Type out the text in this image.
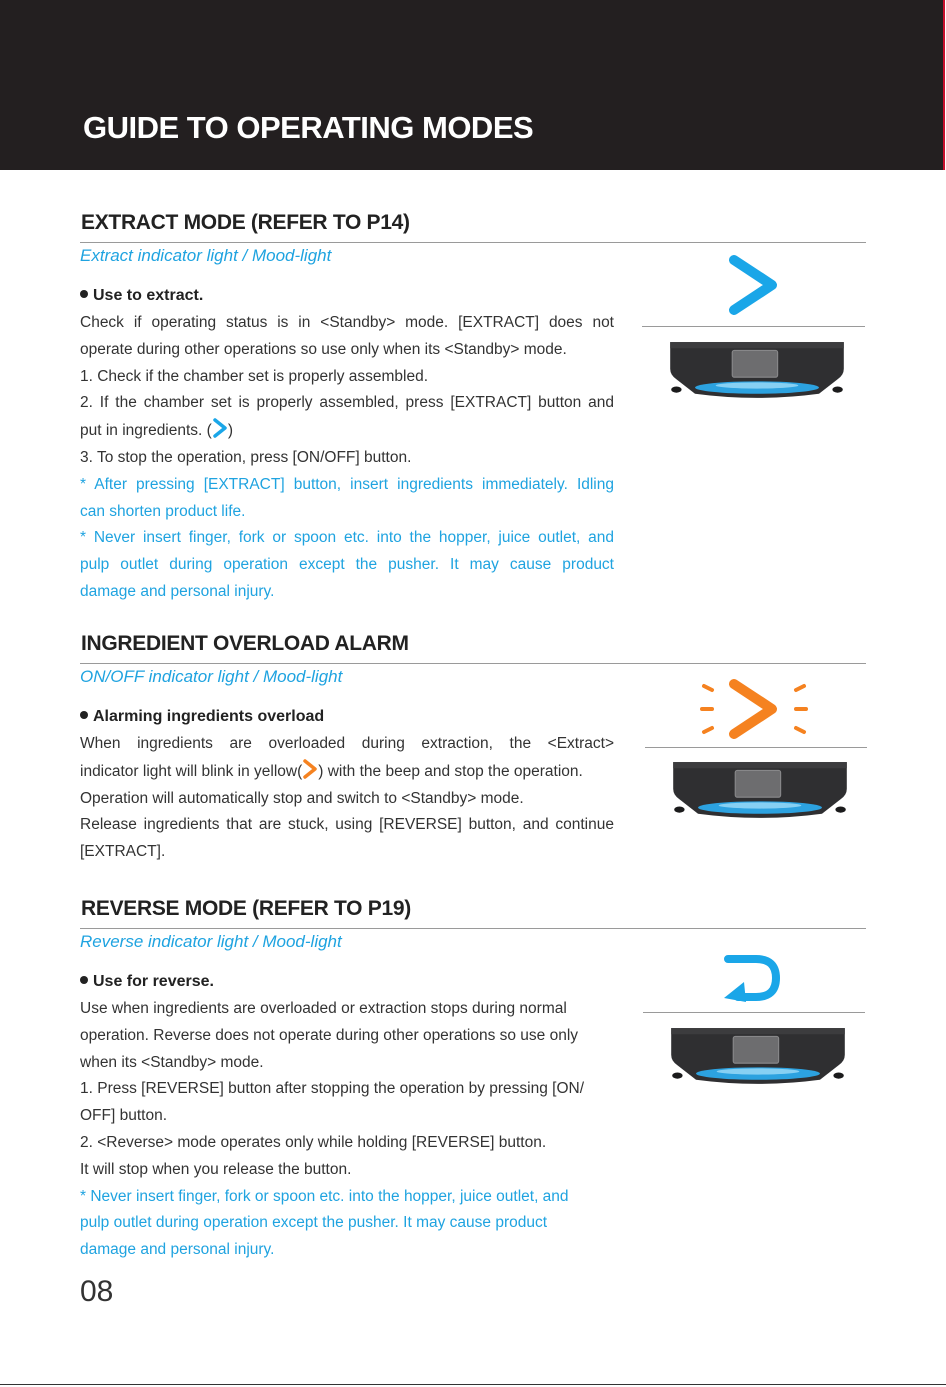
GUIDE TO OPERATING MODES
EXTRACT MODE (REFER TO P14)
Extract indicator light / Mood-light
Use to extract.

Check if operating status is in <Standby> mode. [EXTRACT] does not

operate during other operations so use only when its <Standby> mode.

1. Check if the chamber set is properly assembled.

2. If the chamber set is properly assembled, press [EXTRACT] button and

put in ingredients. ( )

3. To stop the operation, press [ON/OFF] button.

* After pressing [EXTRACT] button, insert ingredients immediately. Idling

can shorten product life.

* Never insert finger, fork or spoon etc. into the hopper, juice outlet, and

pulp outlet during operation except the pusher. It may cause product

damage and personal injury.

INGREDIENT OVERLOAD ALARM
ON/OFF indicator light / Mood-light
Alarming ingredients overload

When ingredients are overloaded during extraction, the <Extract>

indicator light will blink in yellow( ) with the beep and stop the operation.

Operation will automatically stop and switch to <Standby> mode.

Release ingredients that are stuck, using [REVERSE] button, and continue

[EXTRACT].

REVERSE MODE (REFER TO P19)
Reverse indicator light / Mood-light
Use for reverse.

Use when ingredients are overloaded or extraction stops during normal

operation. Reverse does not operate during other operations so use only

when its <Standby> mode.

1. Press [REVERSE] button after stopping the operation by pressing [ON/

OFF] button.

2. <Reverse> mode operates only while holding [REVERSE] button.

It will stop when you release the button.

* Never insert finger, fork or spoon etc. into the hopper, juice outlet, and

pulp outlet during operation except the pusher. It may cause product

damage and personal injury.

08
